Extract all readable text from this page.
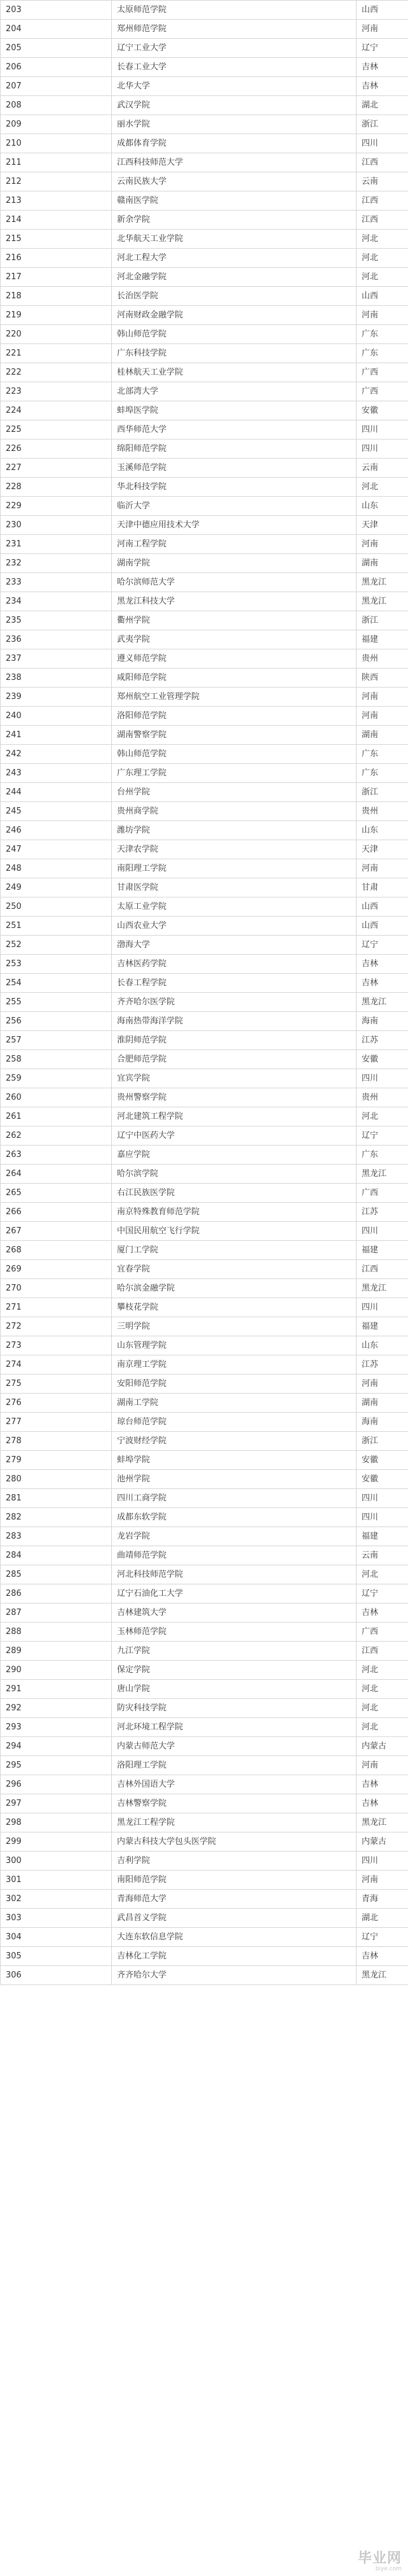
203	太原师范学院	山西
204	郑州师范学院	河南
205	辽宁工业大学	辽宁
206	长春工业大学	吉林
207	北华大学	吉林
208	武汉学院	湖北
209	丽水学院	浙江
210	成都体育学院	四川
211	江西科技师范大学	江西
212	云南民族大学	云南
213	赣南医学院	江西
214	新余学院	江西
215	北华航天工业学院	河北
216	河北工程大学	河北
217	河北金融学院	河北
218	长治医学院	山西
219	河南财政金融学院	河南
220	韩山师范学院	广东
221	广东科技学院	广东
222	桂林航天工业学院	广西
223	北部湾大学	广西
224	蚌埠医学院	安徽
225	西华师范大学	四川
226	绵阳师范学院	四川
227	玉溪师范学院	云南
228	华北科技学院	河北
229	临沂大学	山东
230	天津中德应用技术大学	天津
231	河南工程学院	河南
232	湖南学院	湖南
233	哈尔滨师范大学	黑龙江
234	黑龙江科技大学	黑龙江
235	衢州学院	浙江
236	武夷学院	福建
237	遵义师范学院	贵州
238	咸阳师范学院	陕西
239	郑州航空工业管理学院	河南
240	洛阳师范学院	河南
241	湖南警察学院	湖南
242	韩山师范学院	广东
243	广东理工学院	广东
244	台州学院	浙江
245	贵州商学院	贵州
246	潍坊学院	山东
247	天津农学院	天津
248	南阳理工学院	河南
249	甘肃医学院	甘肃
250	太原工业学院	山西
251	山西农业大学	山西
252	渤海大学	辽宁
253	吉林医药学院	吉林
254	长春工程学院	吉林
255	齐齐哈尔医学院	黑龙江
256	海南热带海洋学院	海南
257	淮阴师范学院	江苏
258	合肥师范学院	安徽
259	宜宾学院	四川
260	贵州警察学院	贵州
261	河北建筑工程学院	河北
262	辽宁中医药大学	辽宁
263	嘉应学院	广东
264	哈尔滨学院	黑龙江
265	右江民族医学院	广西
266	南京特殊教育师范学院	江苏
267	中国民用航空飞行学院	四川
268	厦门工学院	福建
269	宜春学院	江西
270	哈尔滨金融学院	黑龙江
271	攀枝花学院	四川
272	三明学院	福建
273	山东管理学院	山东
274	南京理工学院	江苏
275	安阳师范学院	河南
276	湖南工学院	湖南
277	琼台师范学院	海南
278	宁波财经学院	浙江
279	蚌埠学院	安徽
280	池州学院	安徽
281	四川工商学院	四川
282	成都东软学院	四川
283	龙岩学院	福建
284	曲靖师范学院	云南
285	河北科技师范学院	河北
286	辽宁石油化工大学	辽宁
287	吉林建筑大学	吉林
288	玉林师范学院	广西
289	九江学院	江西
290	保定学院	河北
291	唐山学院	河北
292	防灾科技学院	河北
293	河北环境工程学院	河北
294	内蒙古师范大学	内蒙古
295	洛阳理工学院	河南
296	吉林外国语大学	吉林
297	吉林警察学院	吉林
298	黑龙江工程学院	黑龙江
299	内蒙古科技大学包头医学院	内蒙古
300	吉利学院	四川
301	南阳师范学院	河南
302	青海师范大学	青海
303	武昌首义学院	湖北
304	大连东软信息学院	辽宁
305	吉林化工学院	吉林
306	齐齐哈尔大学	黑龙江
毕业网
biye.com
